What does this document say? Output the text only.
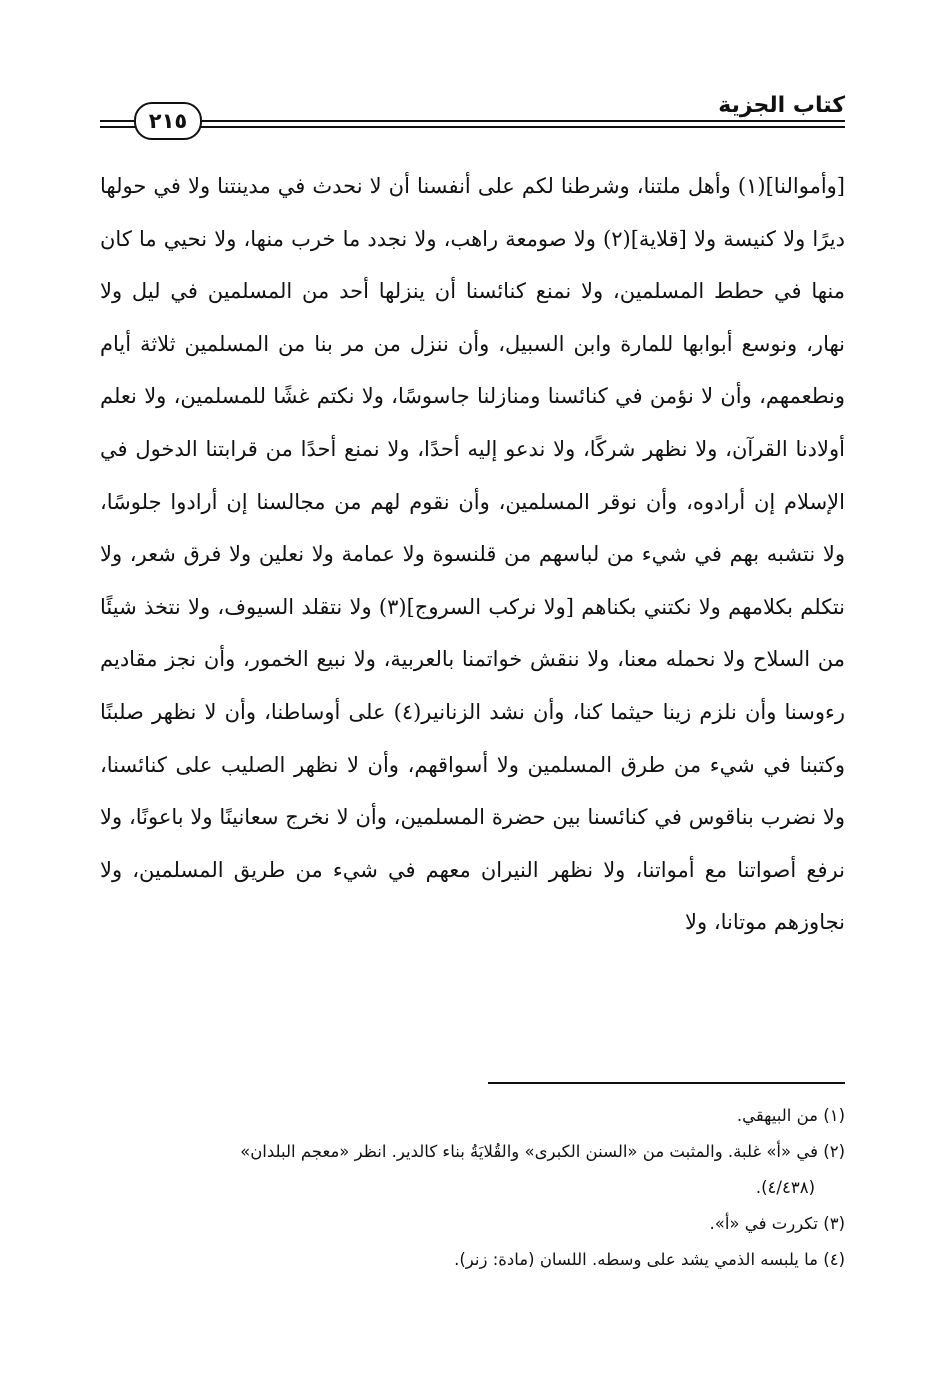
كتاب الجزية
٢١٥
[وأموالنا](١) وأهل ملتنا، وشرطنا لكم على أنفسنا أن لا نحدث في مدينتنا ولا في حولها ديرًا ولا كنيسة ولا [قلاية](٢) ولا صومعة راهب، ولا نجدد ما خرب منها، ولا نحيي ما كان منها في حطط المسلمين، ولا نمنع كنائسنا أن ينزلها أحد من المسلمين في ليل ولا نهار، ونوسع أبوابها للمارة وابن السبيل، وأن ننزل من مر بنا من المسلمين ثلاثة أيام ونطعمهم، وأن لا نؤمن في كنائسنا ومنازلنا جاسوسًا، ولا نكتم غشًا للمسلمين، ولا نعلم أولادنا القرآن، ولا نظهر شركًا، ولا ندعو إليه أحدًا، ولا نمنع أحدًا من قرابتنا الدخول في الإسلام إن أرادوه، وأن نوقر المسلمين، وأن نقوم لهم من مجالسنا إن أرادوا جلوسًا، ولا نتشبه بهم في شيء من لباسهم من قلنسوة ولا عمامة ولا نعلين ولا فرق شعر، ولا نتكلم بكلامهم ولا نكتني بكناهم [ولا نركب السروج](٣) ولا نتقلد السيوف، ولا نتخذ شيئًا من السلاح ولا نحمله معنا، ولا ننقش خواتمنا بالعربية، ولا نبيع الخمور، وأن نجز مقاديم رءوسنا وأن نلزم زينا حيثما كنا، وأن نشد الزنانير(٤) على أوساطنا، وأن لا نظهر صلبنًا وكتبنا في شيء من طرق المسلمين ولا أسواقهم، وأن لا نظهر الصليب على كنائسنا، ولا نضرب بناقوس في كنائسنا بين حضرة المسلمين، وأن لا نخرج سعانينًا ولا باعونًا، ولا نرفع أصواتنا مع أمواتنا، ولا نظهر النيران معهم في شيء من طريق المسلمين، ولا نجاوزهم موتانا، ولا
(١) من البيهقي.
(٢) في «أ» غلبة. والمثبت من «السنن الكبرى» والقُلايَةُ بناء كالدير. انظر «معجم البلدان»
(٤/٤٣٨).
(٣) تكررت في «أ».
(٤) ما يلبسه الذمي يشد على وسطه. اللسان (مادة: زنر).
